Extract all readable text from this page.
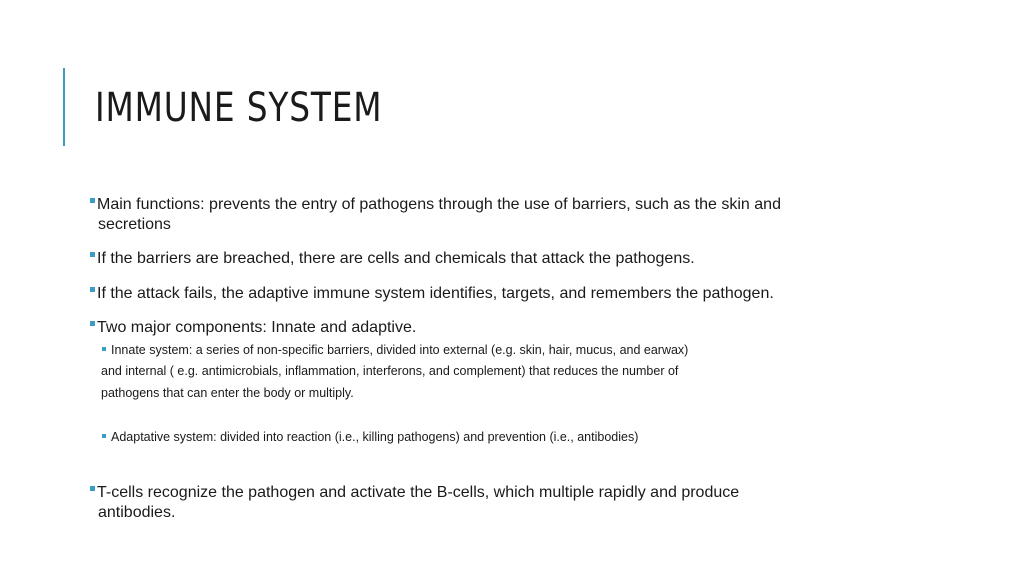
IMMUNE SYSTEM
Main functions: prevents the entry of pathogens through the use of barriers, such as the skin and
secretions
If the barriers are breached, there are cells and chemicals that attack the pathogens.
If the attack fails, the adaptive immune system identifies, targets, and remembers the pathogen.
Two major components: Innate and adaptive.
Innate system: a series of non-specific barriers, divided into external (e.g. skin, hair, mucus, and earwax)
and internal ( e.g. antimicrobials, inflammation, interferons, and complement) that reduces the number of
pathogens that can enter the body or multiply.
Adaptative system: divided into reaction (i.e., killing pathogens) and prevention (i.e., antibodies)
T-cells recognize the pathogen and activate the B-cells, which multiple rapidly and produce
antibodies.
